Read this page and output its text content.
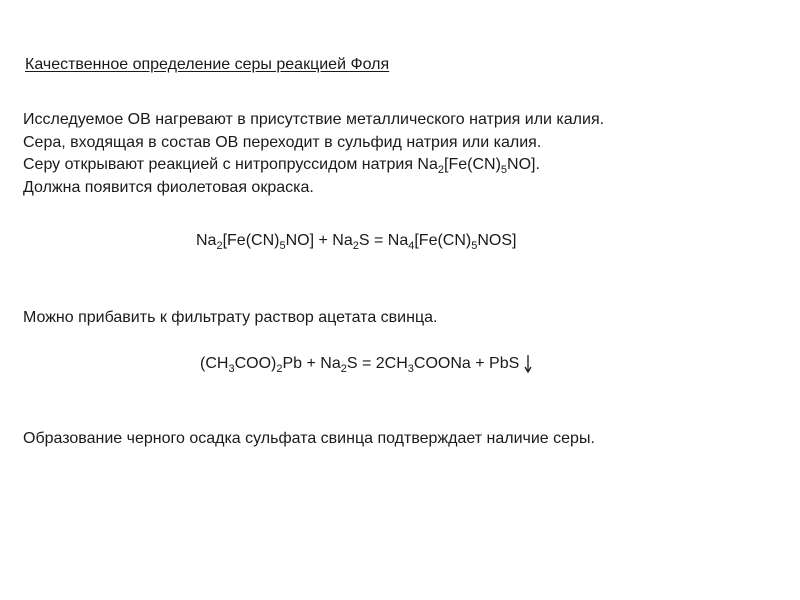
Качественное определение серы реакцией Фоля
Исследуемое ОВ нагревают в присутствие металлического натрия или калия.
Сера, входящая в состав ОВ переходит в сульфид натрия или калия.
Серу открывают реакцией с нитропруссидом натрия $Na_2[Fe(CN)_5NO]$.
Должна появится фиолетовая окраска.
$Na_2[Fe(CN)_5NO] + Na_2S = Na_4[Fe(CN)_5NOS]$
Можно прибавить к фильтрату раствор ацетата свинца.
$(CH_3COO)_2Pb + Na_2S$ = $2CH_3COONa$ + PbS
Образование черного осадка сульфата свинца подтверждает наличие серы.
